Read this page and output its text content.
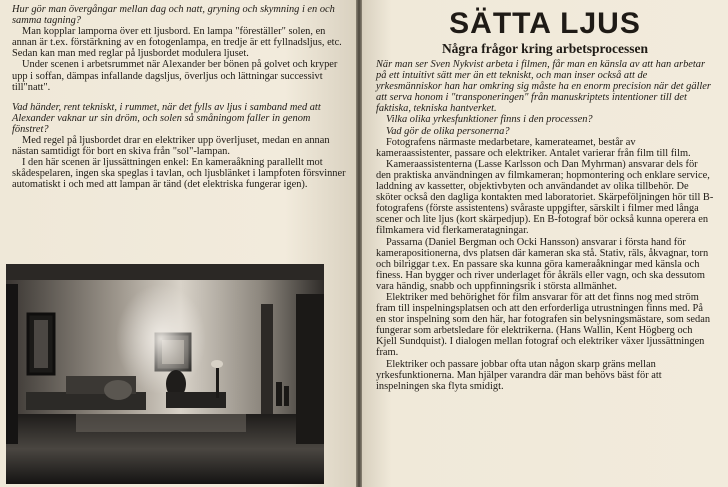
Hur gör man övergångar mellan dag och natt, gryning och skymning i en och samma tagning?

Man kopplar lamporna över ett ljusbord. En lampa "föreställer" solen, en annan är t.ex. förstärkning av en fotogenlampa, en tredje är ett fyllnadsljus, etc. Sedan kan man med reglar på ljusbordet modulera ljuset.

Under scenen i arbetsrummet när Alexander ber bönen på golvet och kryper upp i soffan, dämpas infallande dagsljus, överljus och lättningar successivt till"natt".

Vad händer, rent tekniskt, i rummet, när det fylls av ljus i samband med att Alexander vaknar ur sin dröm, och solen så småningom faller in genom fönstret?

Med regel på ljusbordet drar en elektriker upp överljuset, medan en annan nästan samtidigt för bort en skiva från "sol"-lampan.

I den här scenen är ljussättningen enkel: En kameraåkning parallellt mot skådespelaren, ingen ska speglas i tavlan, och ljusblänket i lampfoten försvinner automatiskt i och med att lampan är tänd (det elektriska fungerar igen).

SÄTTA LJUS
Några frågor kring arbetsprocessen

När man ser Sven Nykvist arbeta i filmen, får man en känsla av att han arbetar på ett intuitivt sätt mer än ett tekniskt, och man inser också att de yrkesmänniskor han har omkring sig måste ha en enorm precision när det gäller att serva honom i "transponeringen" från manuskriptets intentioner till det faktiska, tekniska hantverket.

Vilka olika yrkesfunktioner finns i den processen?

Vad gör de olika personerna?

Fotografens närmaste medarbetare, kamerateamet, består av kameraassistenter, passare och elektriker. Antalet varierar från film till film.

Kameraassistenterna (Lasse Karlsson och Dan Myhrman) ansvarar dels för den praktiska användningen av filmkameran; hopmontering och enklare service, laddning av kassetter, objektivbyten och användandet av olika tillbehör. De sköter också den dagliga kontakten med laboratoriet. Skärpeföljningen hör till B-fotografens (förste assistentens) svåraste uppgifter, särskilt i filmer med långa scener och lite ljus (kort skärpedjup). En B-fotograf bör också kunna operera en filmkamera vid flerkameratagningar.

Passarna (Daniel Bergman och Ocki Hansson) ansvarar i första hand för kamerapositionerna, dvs platsen där kameran ska stå. Stativ, räls, åkvagnar, torn och bilriggar t.ex. En passare ska kunna göra kameraåkningar med känsla och finess. Han bygger och river underlaget för åkräls eller vagn, och ska dessutom vara händig, snabb och uppfinningsrik i största allmänhet.

Elektriker med behörighet för film ansvarar för att det finns nog med ström fram till inspelningsplatsen och att den erforderliga utrustningen finns med. På en stor inspelning som den här, har fotografen sin belysningsmästare, som sedan fungerar som arbetsledare för elektrikerna. (Hans Wallin, Kent Högberg och Kjell Sundquist). I dialogen mellan fotograf och elektriker växer ljussättningen fram.

Elektriker och passare jobbar ofta utan någon skarp gräns mellan yrkesfunktionerna. Man hjälper varandra där man behövs bäst för att inspelningen ska flyta smidigt.
